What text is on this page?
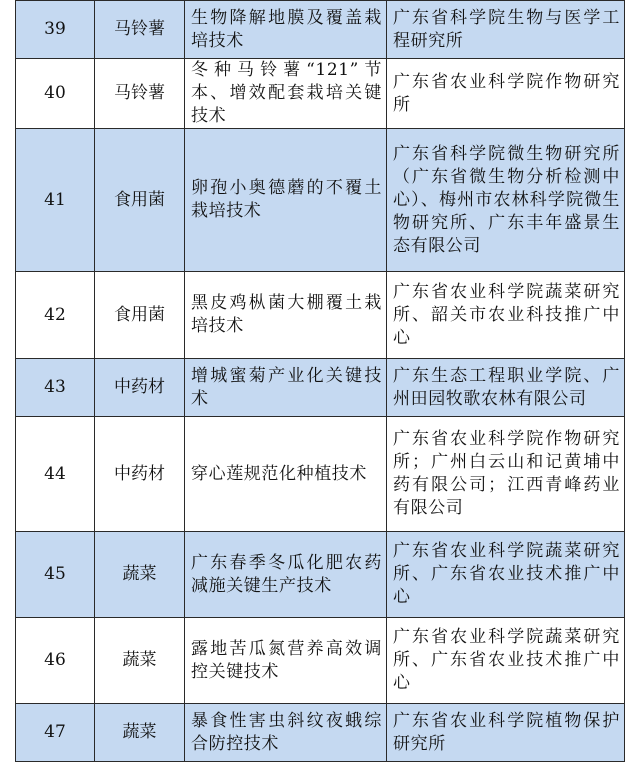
39	马铃薯	生物降解地膜及覆盖栽培技术	广东省科学院生物与医学工程研究所

40	马铃薯	冬种马铃薯“121”节本、增效配套栽培关键技术	广东省农业科学院作物研究所

41	食用菌	卵孢小奥德蘑的不覆土栽培技术	广东省科学院微生物研究所（广东省微生物分析检测中心）、梅州市农林科学院微生物研究所、广东丰年盛景生态有限公司

42	食用菌	黑皮鸡枞菌大棚覆土栽培技术	广东省农业科学院蔬菜研究所、韶关市农业科技推广中心

43	中药材	增城蜜菊产业化关键技术	广东生态工程职业学院、广州田园牧歌农林有限公司

44	中药材	穿心莲规范化种植技术	广东省农业科学院作物研究所；广州白云山和记黄埔中药有限公司；江西青峰药业有限公司

45	蔬菜	广东春季冬瓜化肥农药减施关键生产技术	广东省农业科学院蔬菜研究所、广东省农业技术推广中心

46	蔬菜	露地苦瓜氮营养高效调控关键技术	广东省农业科学院蔬菜研究所、广东省农业技术推广中心

47	蔬菜	暴食性害虫斜纹夜蛾综合防控技术	广东省农业科学院植物保护研究所
